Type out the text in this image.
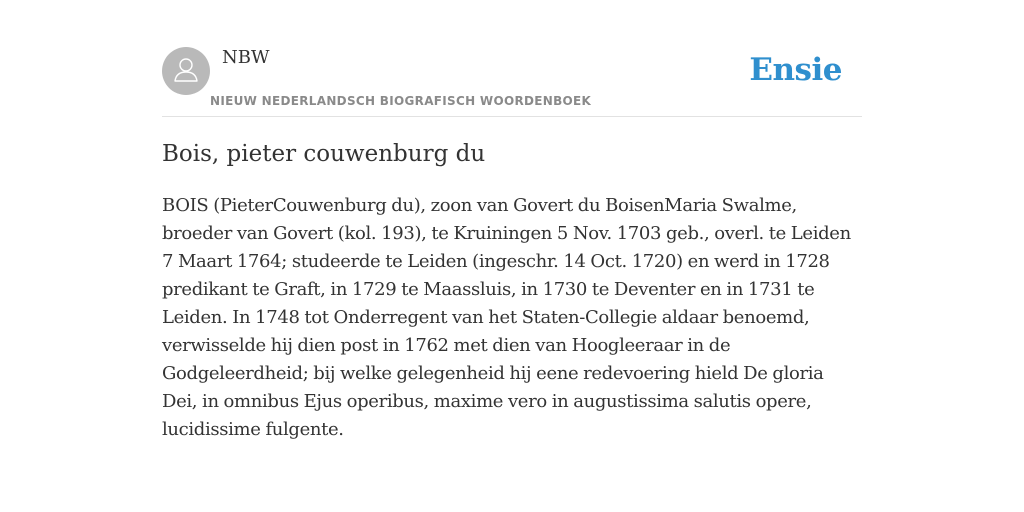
NBW
NIEUW NEDERLANDSCH BIOGRAFISCH WOORDENBOEK
Ensie
Bois, pieter couwenburg du

BOIS (PieterCouwenburg du), zoon van Govert du BoisenMaria Swalme, broeder van Govert (kol. 193), te Kruiningen 5 Nov. 1703 geb., overl. te Leiden 7 Maart 1764; studeerde te Leiden (ingeschr. 14 Oct. 1720) en werd in 1728 predikant te Graft, in 1729 te Maassluis, in 1730 te Deventer en in 1731 te Leiden. In 1748 tot Onderregent van het Staten-Collegie aldaar benoemd, verwisselde hij dien post in 1762 met dien van Hoogleeraar in de Godgeleerdheid; bij welke gelegenheid hij eene redevoering hield De gloria Dei, in omnibus Ejus operibus, maxime vero in augustissima salutis opere, lucidissime fulgente.
